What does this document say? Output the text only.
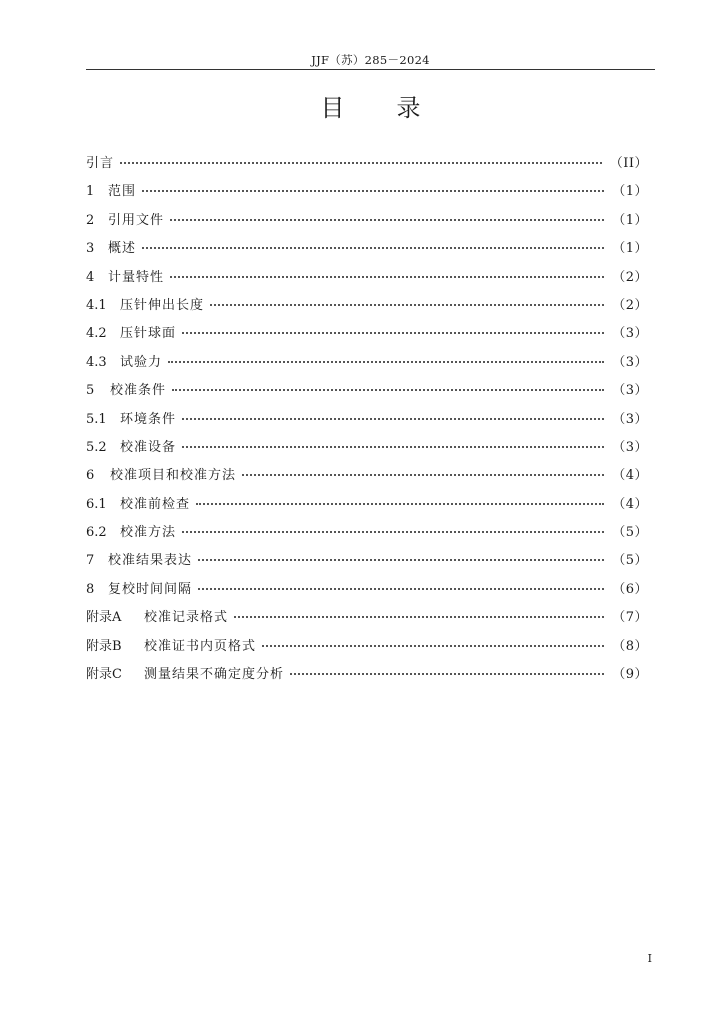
JJF（苏）285－2024
目 录
引言	（II）
1	范围	（1）
2	引用文件	（1）
3	概述	（1）
4	计量特性	（2）
4.1	压针伸出长度	（2）
4.2	压针球面	（3）
4.3	试验力	（3）
5	校准条件	（3）
5.1	环境条件	（3）
5.2	校准设备	（3）
6	校准项目和校准方法	（4）
6.1	校准前检查	（4）
6.2	校准方法	（5）
7	校准结果表达	（5）
8	复校时间间隔	（6）
附录A	校准记录格式	（7）
附录B	校准证书内页格式	（8）
附录C	测量结果不确定度分析	（9）
I
